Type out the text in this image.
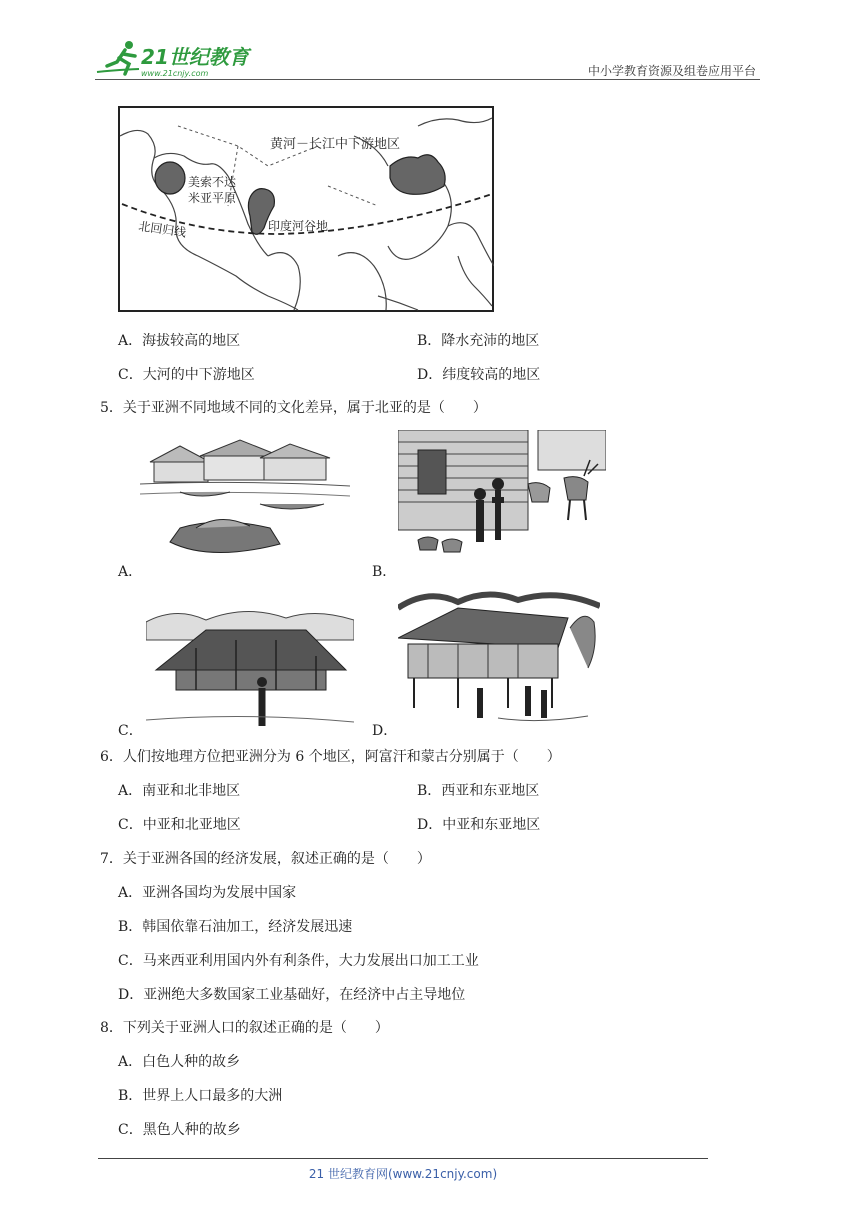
21世纪教育
www.21cnjy.com	中小学教育资源及组卷应用平台
黄河－长江中下游地区
美索不达
米亚平原
印度河谷地
北回归线
A．海拔较高的地区	B．降水充沛的地区
C．大河的中下游地区	D．纬度较高的地区
5．关于亚洲不同地域不同的文化差异，属于北亚的是（　　）
A．	B．
C．	D．
6．人们按地理方位把亚洲分为 6 个地区，阿富汗和蒙古分别属于（　　）
A．南亚和北非地区	B．西亚和东亚地区
C．中亚和北亚地区	D．中亚和东亚地区
7．关于亚洲各国的经济发展，叙述正确的是（　　）
A．亚洲各国均为发展中国家
B．韩国依靠石油加工，经济发展迅速
C．马来西亚利用国内外有利条件，大力发展出口加工工业
D．亚洲绝大多数国家工业基础好，在经济中占主导地位
8．下列关于亚洲人口的叙述正确的是（　　）
A．白色人种的故乡
B．世界上人口最多的大洲
C．黑色人种的故乡
21 世纪教育网(www.21cnjy.com)
